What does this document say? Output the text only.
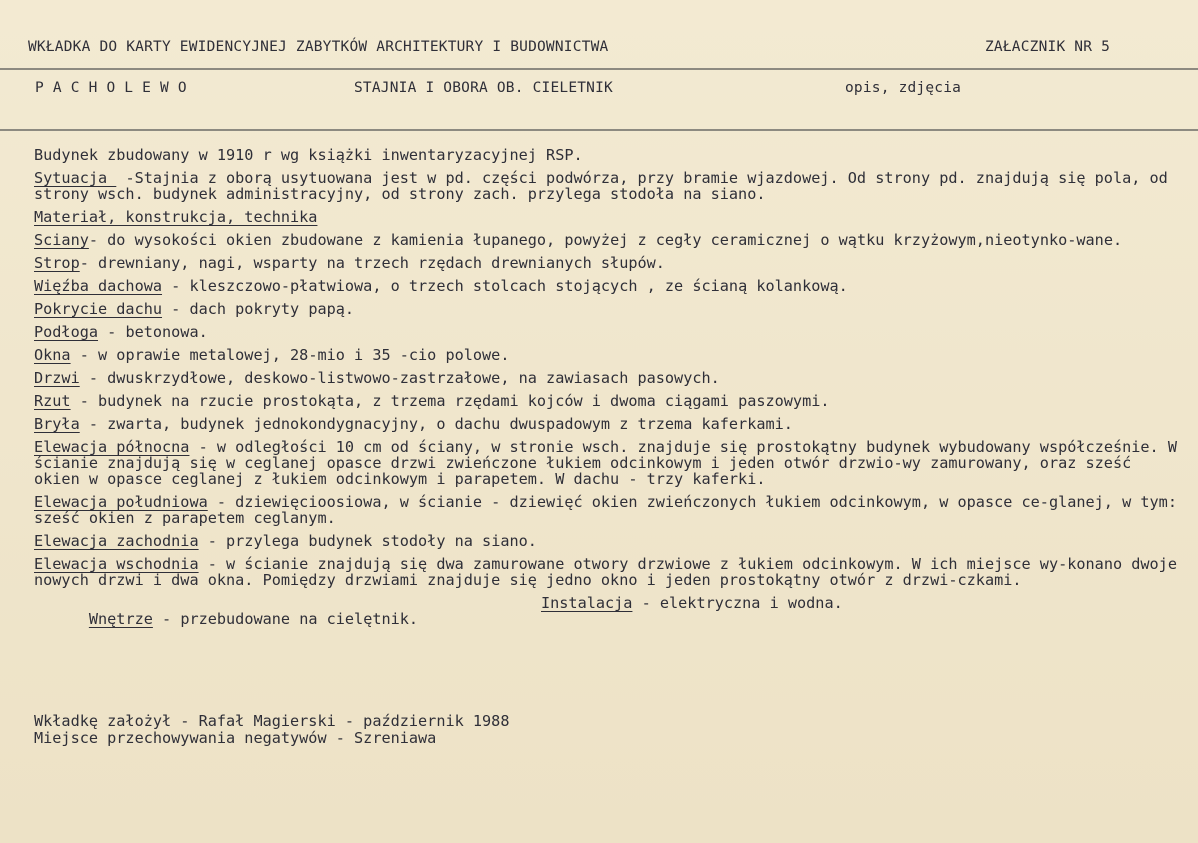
WKŁADKA DO KARTY EWIDENCYJNEJ ZABYTKÓW ARCHITEKTURY I BUDOWNICTWA	ZAŁACZNIK NR 5
P A C H O L E W O	STAJNIA I OBORA OB. CIELETNIK	opis, zdjęcia
Budynek zbudowany w 1910 r wg książki inwentaryzacyjnej RSP.
Sytuacja  -Stajnia z oborą usytuowana jest w pd. części podwórza, przy bramie wjazdowej. Od strony pd. znajdują się pola, od strony wsch. budynek administracyjny, od strony zach. przylega stodoła na siano.
Materiał, konstrukcja, technika
Sciany- do wysokości okien zbudowane z kamienia łupanego, powyżej z cegły ceramicznej o wątku krzyżowym,nieotynko-wane.
Strop- drewniany, nagi, wsparty na trzech rzędach drewnianych słupów.
Więźba dachowa - kleszczowo-płatwiowa, o trzech stolcach stojących , ze ścianą kolankową.
Pokrycie dachu - dach pokryty papą.
Podłoga - betonowa.
Okna - w oprawie metalowej, 28-mio i 35 -cio polowe.
Drzwi - dwuskrzydłowe, deskowo-listwowo-zastrzałowe, na zawiasach pasowych.
Rzut - budynek na rzucie prostokąta, z trzema rzędami kojców i dwoma ciągami paszowymi.
Bryła - zwarta, budynek jednokondygnacyjny, o dachu dwuspadowym z trzema kaferkami.
Elewacja północna - w odległości 10 cm od ściany, w stronie wsch. znajduje się prostokątny budynek wybudowany współcześnie. W ścianie znajdują się w ceglanej opasce drzwi zwieńczone łukiem odcinkowym i jeden otwór drzwio-wy zamurowany, oraz sześć okien w opasce ceglanej z łukiem odcinkowym i parapetem. W dachu - trzy kaferki.
Elewacja południowa - dziewięcioosiowa, w ścianie - dziewięć okien zwieńczonych łukiem odcinkowym, w opasce ce-glanej, w tym: sześć okien z parapetem ceglanym.
Elewacja zachodnia - przylega budynek stodoły na siano.
Elewacja wschodnia - w ścianie znajdują się dwa zamurowane otwory drzwiowe z łukiem odcinkowym. W ich miejsce wy-konano dwoje nowych drzwi i dwa okna. Pomiędzy drzwiami znajduje się jedno okno i jeden prostokątny otwór z drzwi-czkami.

Wnętrze - przebudowane na cielętnik.

Instalacja - elektryczna i wodna.

Wkładkę założył - Rafał Magierski - październik 1988
Miejsce przechowywania negatywów - Szreniawa
